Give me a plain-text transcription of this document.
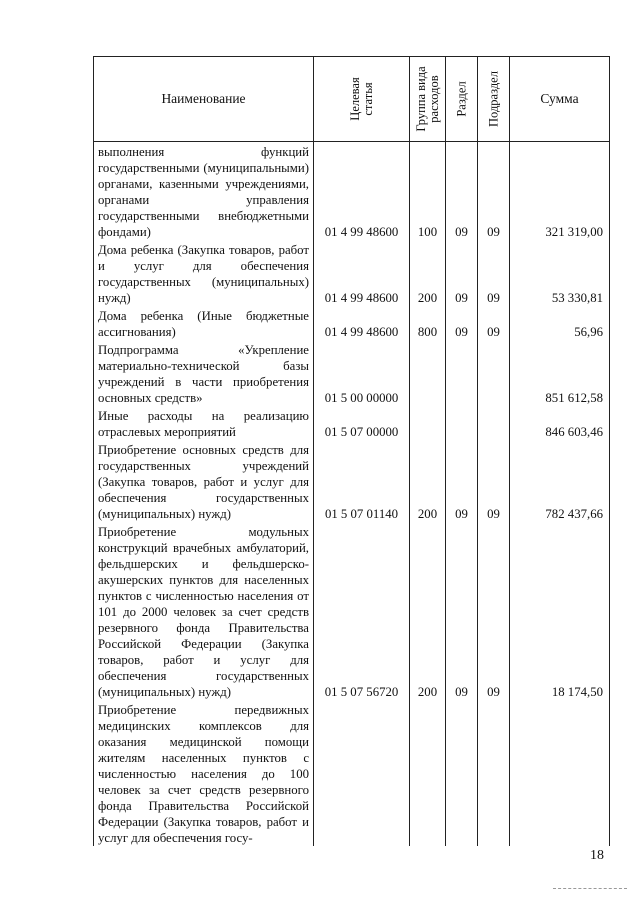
Наименование	Целевая статья	Группа вида расходов	Раздел	Подраздел	Сумма
выполнения функций государственными (муниципальными) органами, казенными учреждениями, органами управления государственными внебюджетными фондами)	01 4 99 48600	100	09	09	321 319,00
Дома ребенка (Закупка товаров, работ и услуг для обеспечения государственных (муниципальных) нужд)	01 4 99 48600	200	09	09	53 330,81
Дома ребенка (Иные бюджетные ассигнования)	01 4 99 48600	800	09	09	56,96
Подпрограмма «Укрепление материально-технической базы учреждений в части приобретения основных средств»	01 5 00 00000				851 612,58
Иные расходы на реализацию отраслевых мероприятий	01 5 07 00000				846 603,46
Приобретение основных средств для государственных учреждений (Закупка товаров, работ и услуг для обеспечения государственных (муниципальных) нужд)	01 5 07 01140	200	09	09	782 437,66
Приобретение модульных конструкций врачебных амбулаторий, фельдшерских и фельдшерско-акушерских пунктов для населенных пунктов с численностью населения от 101 до 2000 человек за счет средств резервного фонда Правительства Российской Федерации (Закупка товаров, работ и услуг для обеспечения государственных (муниципальных) нужд)	01 5 07 56720	200	09	09	18 174,50
Приобретение передвижных медицинских комплексов для оказания медицинской помощи жителям населенных пунктов с численностью населения до 100 человек за счет средств резервного фонда Правительства Российской Федерации (Закупка товаров, работ и услуг для обеспечения госу-					
18
